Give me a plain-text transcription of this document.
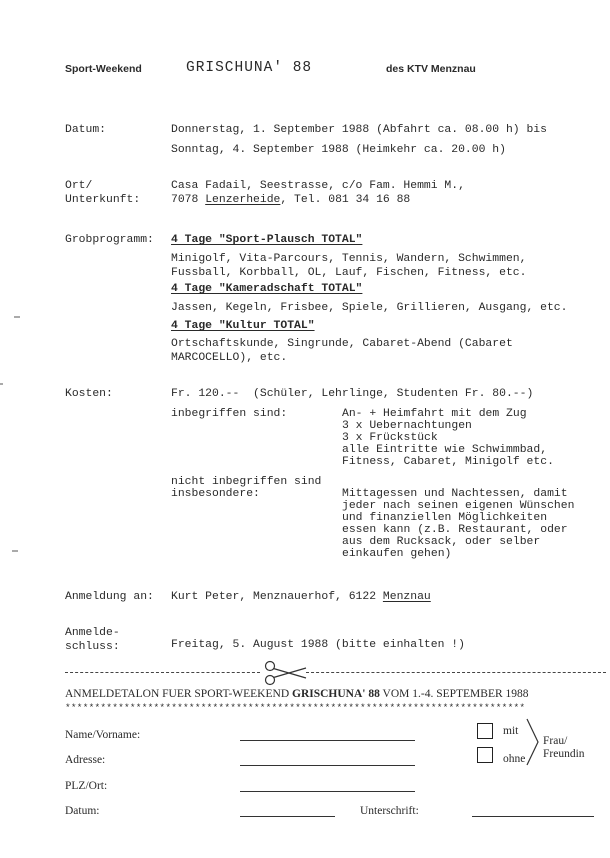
Sport-Weekend	GRISCHUNA' 88	des KTV Menznau
Datum:	Donnerstag, 1. September 1988 (Abfahrt ca. 08.00 h) bis
Sonntag, 4. September 1988 (Heimkehr ca. 20.00 h)
Ort/
Unterkunft:
Casa Fadail, Seestrasse, c/o Fam. Hemmi M.,
7078 Lenzerheide, Tel. 081 34 16 88
Grobprogramm: 4 Tage "Sport-Plausch TOTAL"
Minigolf, Vita-Parcours, Tennis, Wandern, Schwimmen,
Fussball, Korbball, OL, Lauf, Fischen, Fitness, etc.
4 Tage "Kameradschaft TOTAL"
Jassen, Kegeln, Frisbee, Spiele, Grillieren, Ausgang, etc.
4 Tage "Kultur TOTAL"
Ortschaftskunde, Singrunde, Cabaret-Abend (Cabaret
MARCOCELLO), etc.
Kosten:	Fr. 120.--  (Schüler, Lehrlinge, Studenten Fr. 80.--)
inbegriffen sind:	An- + Heimfahrt mit dem Zug
3 x Uebernachtungen
3 x Frückstück
alle Eintritte wie Schwimmbad,
Fitness, Cabaret, Minigolf etc.
nicht inbegriffen sind
insbesondere:	Mittagessen und Nachtessen, damit
jeder nach seinen eigenen Wünschen
und finanziellen Möglichkeiten
essen kann (z.B. Restaurant, oder
aus dem Rucksack, oder selber
einkaufen gehen)
Anmeldung an: Kurt Peter, Menznauerhof, 6122 Menznau
Anmelde-
schluss:	Freitag, 5. August 1988 (bitte einhalten !)
ANMELDETALON FUER SPORT-WEEKEND GRISCHUNA' 88 VOM 1.-4. SEPTEMBER 1988
******************************************************************************
Name/Vorname:
Adresse:
PLZ/Ort:
Datum:	Unterschrift:
mit
ohne
Frau/
Freundin
